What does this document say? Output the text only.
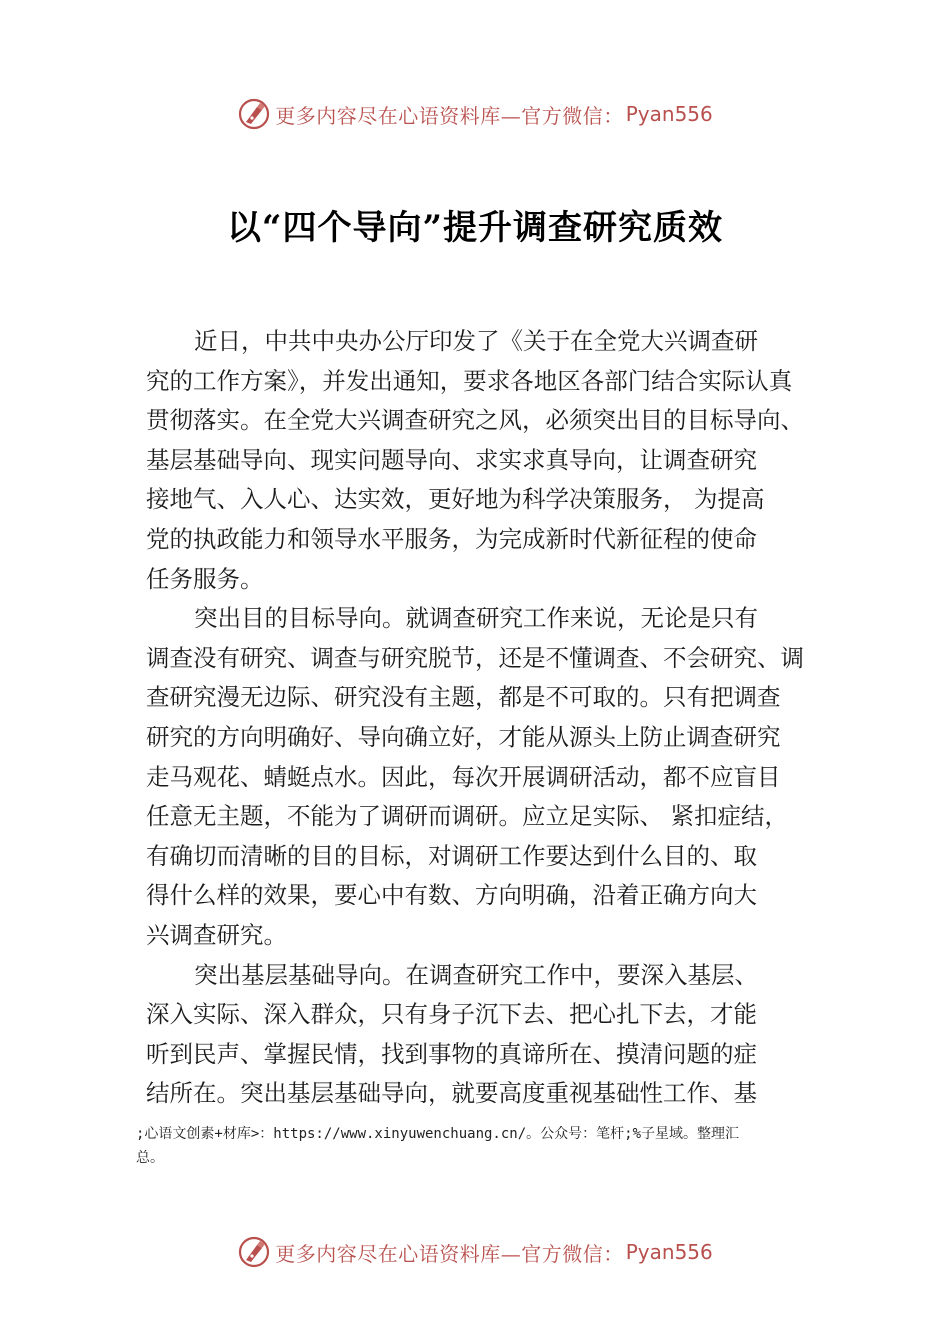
更多内容尽在心语资料库—官方微信： Pyan556
以“四个导向”提升调查研究质效
近日，中共中央办公厅印发了《关于在全党大兴调查研
究的工作方案》，并发出通知，要求各地区各部门结合实际认真
贯彻落实。在全党大兴调查研究之风，必须突出目的目标导向、
基层基础导向、现实问题导向、求实求真导向，让调查研究
接地气、入人心、达实效，更好地为科学决策服务， 为提高
党的执政能力和领导水平服务，为完成新时代新征程的使命
任务服务。
突出目的目标导向。就调查研究工作来说，无论是只有
调查没有研究、调查与研究脱节，还是不懂调查、不会研究、调
查研究漫无边际、研究没有主题，都是不可取的。只有把调查
研究的方向明确好、导向确立好，才能从源头上防止调查研究
走马观花、蜻蜓点水。因此，每次开展调研活动，都不应盲目
任意无主题，不能为了调研而调研。应立足实际、 紧扣症结，
有确切而清晰的目的目标，对调研工作要达到什么目的、取
得什么样的效果，要心中有数、方向明确，沿着正确方向大
兴调查研究。
突出基层基础导向。在调查研究工作中，要深入基层、
深入实际、深入群众，只有身子沉下去、把心扎下去，才能
听到民声、掌握民情，找到事物的真谛所在、摸清问题的症
结所在。突出基层基础导向，就要高度重视基础性工作、基
;心语文创素+材库>：https://www.xinyuwenchuang.cn/。公众号：笔杆;%子星域。整理汇
总。
更多内容尽在心语资料库—官方微信： Pyan556
